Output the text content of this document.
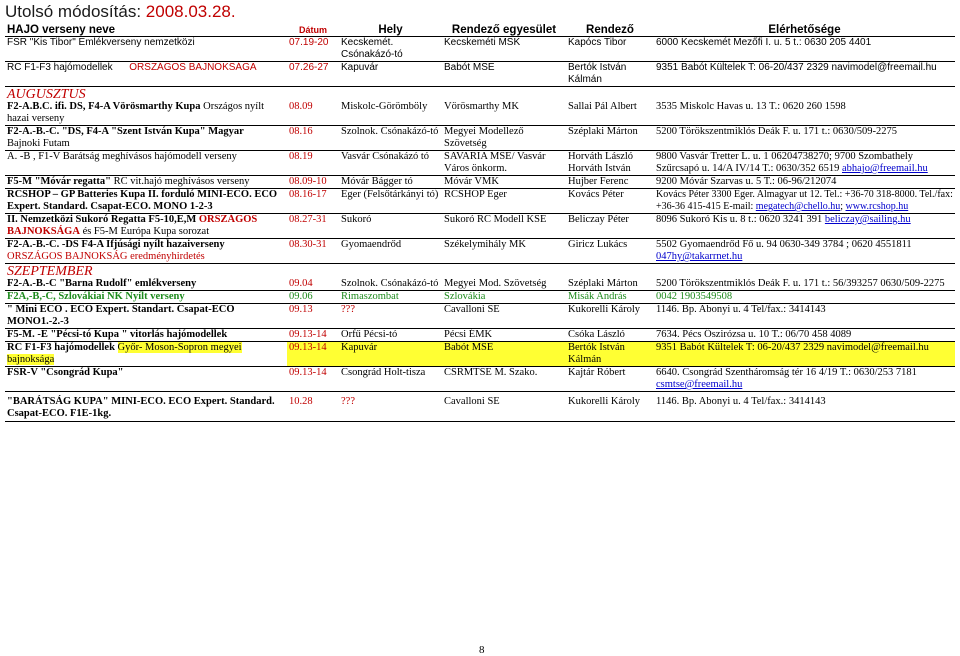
Utolsó módosítás: 2008.03.28.
HAJÓ verseny neve	Dátum	Hely	Rendező egyesület	Rendező	Elérhetősége
FSR "Kis Tibor" Emlékverseny nemzetközi	07.19-20	Kecskemét. Csónakázó-tó	Kecskeméti MSK	Kapócs Tibor	6000 Kecskemét Mezőfi I. u. 5 t.: 0630 205 4401
RC F1-F3 hajómodellek ORSZÁGOS BAJNOKSÁGA	07.26-27	Kapuvár	Babót MSE	Bertók István Kálmán	9351 Babót Kültelek T: 06-20/437 2329 navimodel@freemail.hu
AUGUSZTUS					
F2-A.B.C. ifi. DS, F4-A Vörösmarthy Kupa Országos nyílt hazai verseny	08.09	Miskolc-Görömböly	Vörösmarthy MK	Sallai Pál Albert	3535 Miskolc Havas u. 13 T.: 0620 260 1598
F2-A.-B.-C. "DS, F4-A "Szent István Kupa" Magyar
Bajnoki Futam	08.16	Szolnok. Csónakázó-tó	Megyei Modellező Szövetség	Széplaki Márton	5200 Törökszentmiklós Deák F. u. 171 t.: 0630/509-2275
A. -B , F1-V Barátság meghívásos hajómodell verseny	08.19	Vasvár Csónakázó tó	SAVARIA MSE/ Vasvár Város önkorm.	Horváth László Horváth István	9800 Vasvár Tretter L. u. 1 06204738270; 9700 Szombathely Szűrcsapó u. 14/A IV/14 T.: 0630/352 6519 abhajo@freemail.hu
F5-M "Móvár regatta" RC vit.hajó meghívásos verseny	08.09-10	Móvár Bágger tó	Móvár VMK	Hujber Ferenc	9200 Móvár Szarvas u. 5 T.: 06-96/212074
RCSHOP – GP Batteries Kupa II. forduló MINI-ECO. ECO Expert. Standard. Csapat-ECO. MONO 1-2-3	08.16-17	Eger (Felsőtárkányi tó)	RCSHOP Eger	Kovács Péter	Kovács Péter 3300 Eger. Almagyar ut 12. Tel.: +36-70 318-8000. Tel./fax: +36-36 415-415 E-mail: megatech@chello.hu; www.rcshop.hu
II. Nemzetközi Sukoró Regatta F5-10,E,M ORSZÁGOS BAJNOKSÁGA és F5-M Európa Kupa sorozat	08.27-31	Sukoró	Sukoró RC Modell KSE	Beliczay Péter	8096 Sukoró Kis u. 8 t.: 0620 3241 391 beliczay@sailing.hu
F2-A.-B.-C. -DS F4-A Ifjúsági nyílt hazaiverseny
ORSZÁGOS BAJNOKSÁG eredményhirdetés	08.30-31	Gyomaendrőd	Székelymihály MK	Giricz Lukács	5502 Gyomaendrőd Fő u. 94 0630-349 3784 ; 0620 4551811 047hy@takarrnet.hu
SZEPTEMBER					
F2-A.-B.-C "Barna Rudolf" emlékverseny	09.04	Szolnok. Csónakázó-tó	Megyei Mod. Szövetség	Széplaki Márton	5200 Törökszentmiklós Deák F. u. 171 t.: 56/393257 0630/509-2275
F2A,-B,-C, Szlovákiai NK Nyílt verseny	09.06	Rimaszombat	Szlovákia	Misák András	0042 1903549508
" Mini ECO . ECO Expert. Standart. Csapat-ECO MONO1.-2.-3	09.13	???	Cavalloni SE	Kukorelli Károly	1146. Bp. Abonyi u. 4 Tel/fax.: 3414143
F5-M. -E "Pécsi-tó Kupa " vitorlás hajómodellek	09.13-14	Orfű Pécsi-tó	Pécsi ÉMK	Csóka László	7634. Pécs Őszirózsa u. 10 T.: 06/70 458 4089
RC F1-F3 hajómodellek Győr- Moson-Sopron megyei bajnoksága	09.13-14	Kapuvár	Babót MSE	Bertók István Kálmán	9351 Babót Kültelek T: 06-20/437 2329 navimodel@freemail.hu
FSR-V "Csongrád Kupa"	09.13-14	Csongrád Holt-tisza	CSRMTSE M. Szako.	Kajtár Róbert	6640. Csongrád Szentháromság tér 16 4/19 T.: 0630/253 7181 csmtse@freemail.hu
"BARÁTSÁG KUPA" MINI-ECO. ECO Expert. Standard. Csapat-ECO. F1E-1kg.	10.28	???	Cavalloni SE	Kukorelli Károly	1146. Bp. Abonyi u. 4 Tel/fax.: 3414143
8
